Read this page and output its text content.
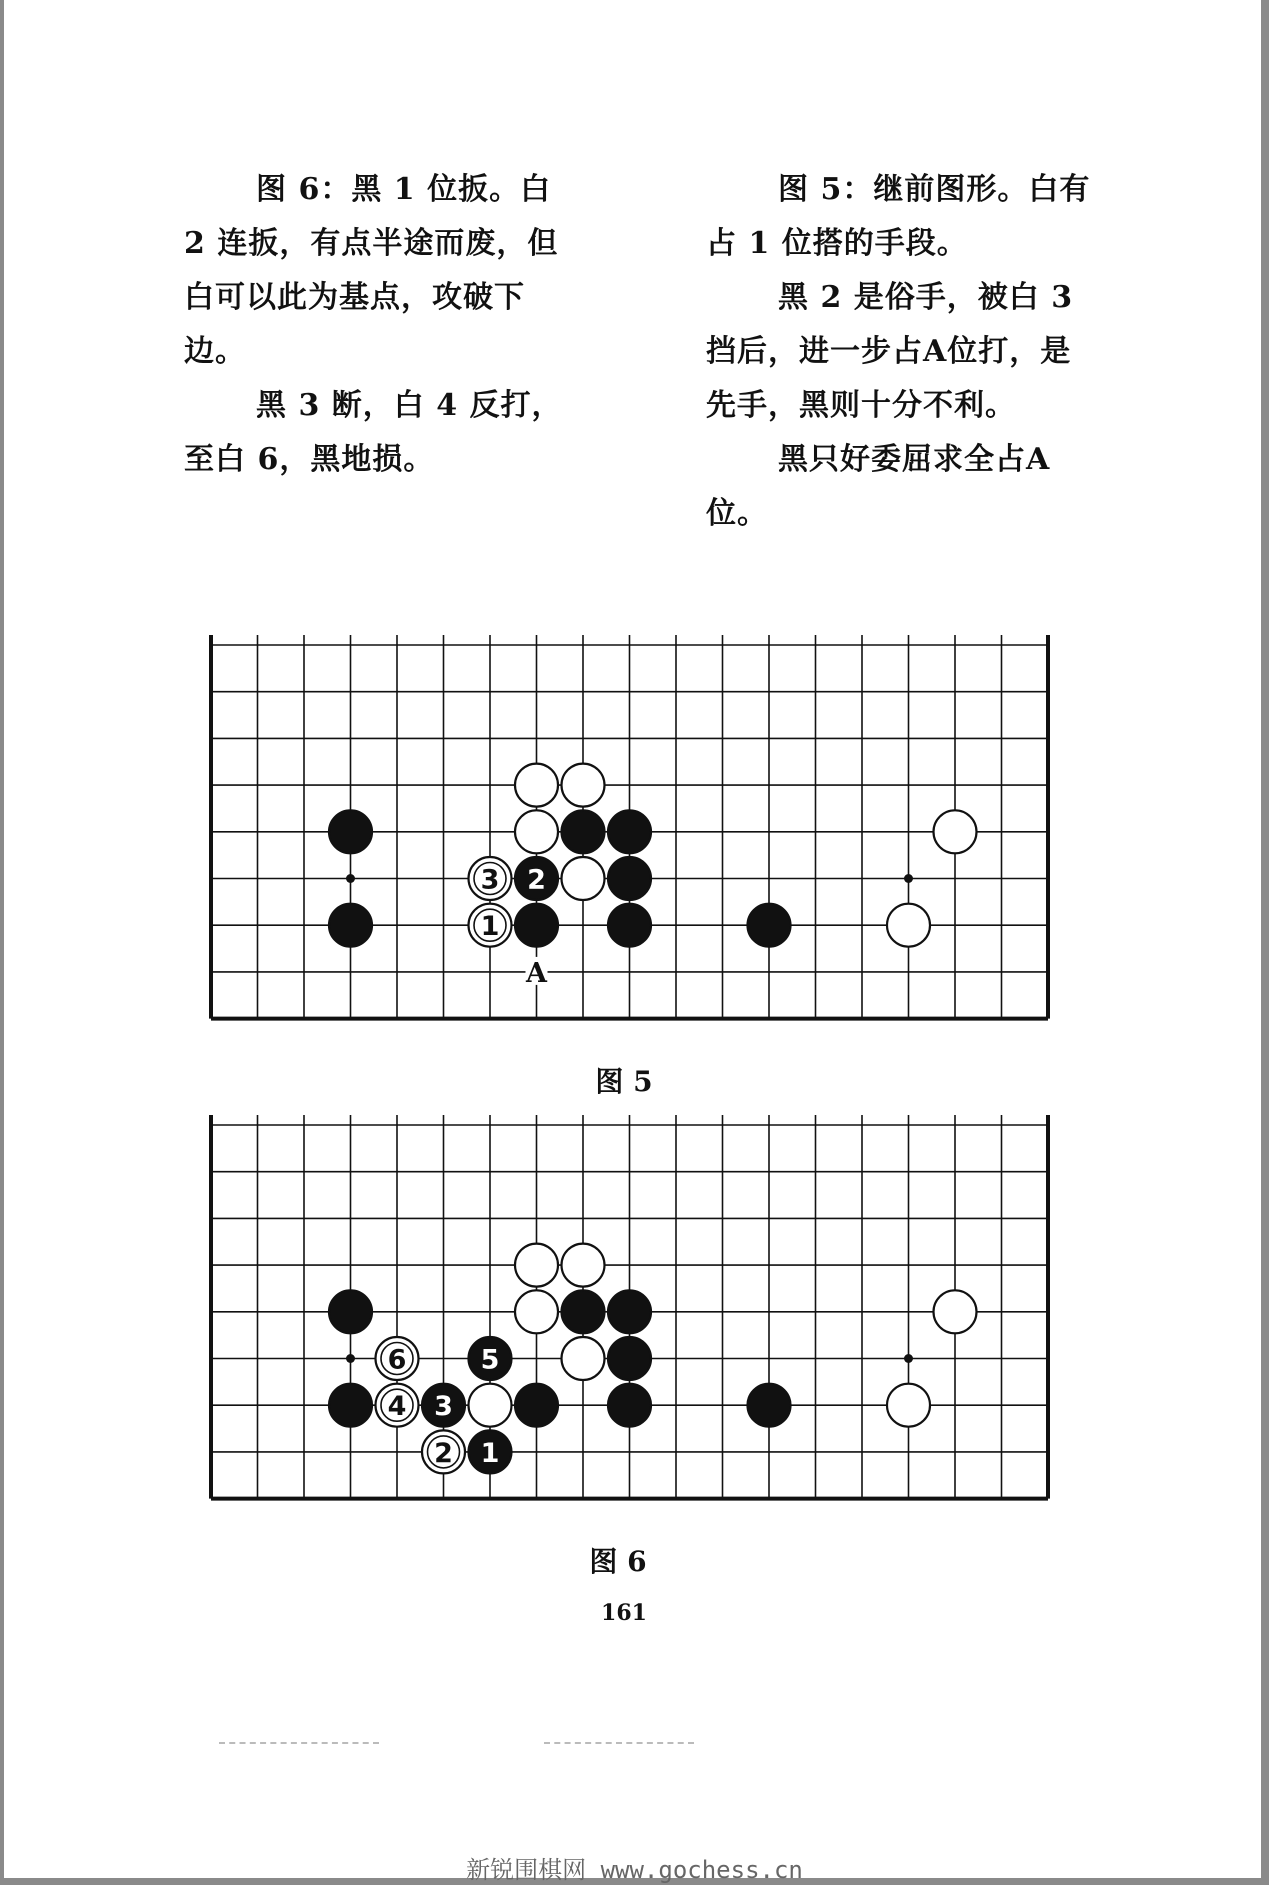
图 6：黑 1 位扳。白 2 连扳，有点半途而废，但白可以此为基点，攻破下边。

黑 3 断，白 4 反打，至白 6，黑地损。

图 5：继前图形。白有占 1 位搭的手段。

黑 2 是俗手，被白 3 挡后，进一步占A位打，是先手，黑则十分不利。

黑只好委屈求全占A位。

3 2
1
A
图 5
6	5
4 3
2 1
图 6
161
新锐围棋网 www.gochess.cn
